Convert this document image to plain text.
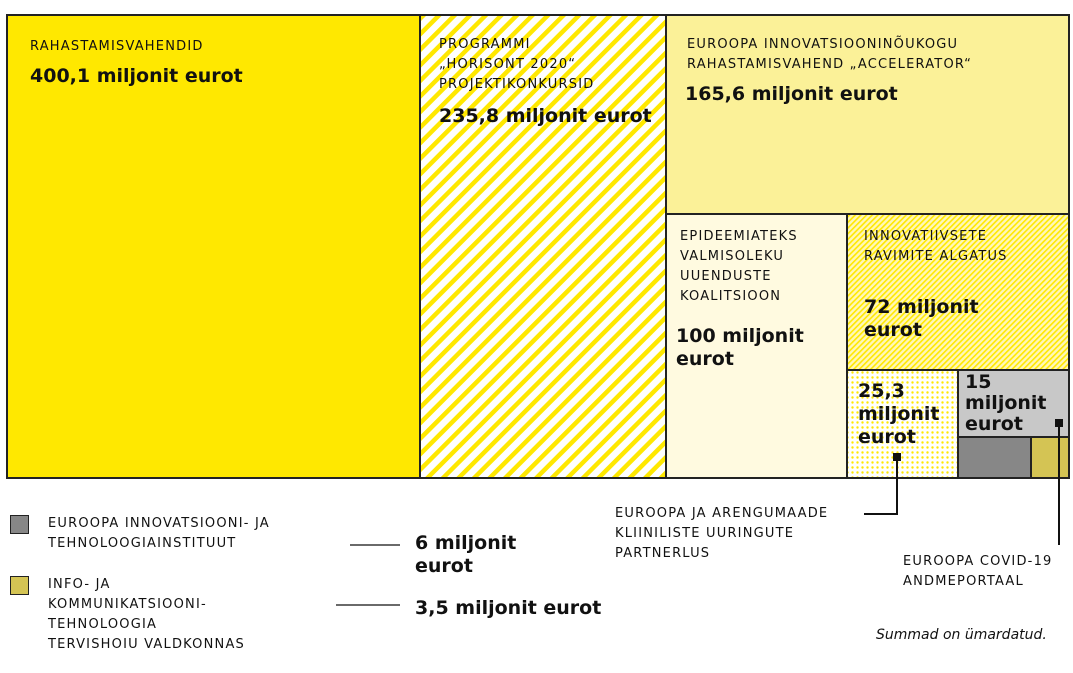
RAHASTAMISVAHENDID
400,1 miljonit eurot
PROGRAMMI
„HORISONT 2020“
PROJEKTIKONKURSID
235,8 miljonit eurot
EUROOPA INNOVATSIOONINÕUKOGU
RAHASTAMISVAHEND „ACCELERATOR“
165,6 miljonit eurot
EPIDEEMIATEKS
VALMISOLEKU
UUENDUSTE
KOALITSIOON
100 miljonit
eurot
INNOVATIIVSETE
RAVIMITE ALGATUS
72 miljonit
eurot
25,3
miljonit
eurot
15
miljonit
eurot
EUROOPA JA ARENGUMAADE
KLIINILISTE UURINGUTE
PARTNERLUS
EUROOPA COVID-19
ANDMEPORTAAL
EUROOPA INNOVATSIOONI- JA
TEHNOLOOGIAINSTITUUT	6 miljonit
eurot
INFO- JA
KOMMUNIKATSIOONI-
TEHNOLOOGIA
TERVISHOIU VALDKONNAS
3,5 miljonit eurot
Summad on ümardatud.
